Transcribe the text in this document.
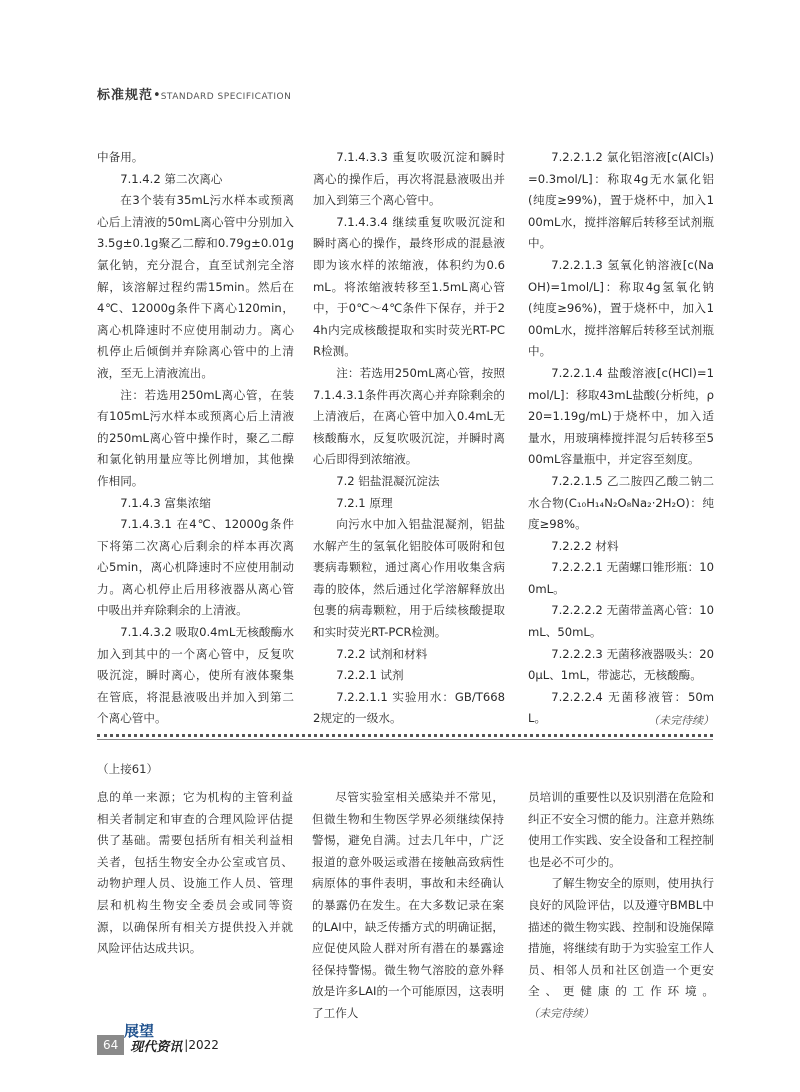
标准规范•STANDARD SPECIFICATION

中备用。

7.1.4.2 第二次离心

在3个装有35mL污水样本或预离心后上清液的50mL离心管中分别加入3.5g±0.1g聚乙二醇和0.79g±0.01g氯化钠，充分混合，直至试剂完全溶解，该溶解过程约需15min。然后在4℃、12000g条件下离心120min，离心机降速时不应使用制动力。离心机停止后倾倒并弃除离心管中的上清液，至无上清液流出。

注：若选用250mL离心管，在装有105mL污水样本或预离心后上清液的250mL离心管中操作时，聚乙二醇和氯化钠用量应等比例增加，其他操作相同。

7.1.4.3 富集浓缩

7.1.4.3.1 在4℃、12000g条件下将第二次离心后剩余的样本再次离心5min，离心机降速时不应使用制动力。离心机停止后用移液器从离心管中吸出并弃除剩余的上清液。

7.1.4.3.2 吸取0.4mL无核酸酶水加入到其中的一个离心管中，反复吹吸沉淀，瞬时离心，使所有液体聚集在管底，将混悬液吸出并加入到第二个离心管中。

7.1.4.3.3 重复吹吸沉淀和瞬时离心的操作后，再次将混悬液吸出并加入到第三个离心管中。

7.1.4.3.4 继续重复吹吸沉淀和瞬时离心的操作，最终形成的混悬液即为该水样的浓缩液，体积约为0.6mL。将浓缩液转移至1.5mL离心管中，于0℃～4℃条件下保存，并于24h内完成核酸提取和实时荧光RT-PCR检测。

注：若选用250mL离心管，按照7.1.4.3.1条件再次离心并弃除剩余的上清液后，在离心管中加入0.4mL无核酸酶水，反复吹吸沉淀，并瞬时离心后即得到浓缩液。

7.2 铝盐混凝沉淀法

7.2.1 原理

向污水中加入铝盐混凝剂，铝盐水解产生的氢氧化铝胶体可吸附和包裹病毒颗粒，通过离心作用收集含病毒的胶体，然后通过化学溶解释放出包裹的病毒颗粒，用于后续核酸提取和实时荧光RT-PCR检测。

7.2.2 试剂和材料

7.2.2.1 试剂

7.2.2.1.1 实验用水：GB/T6682规定的一级水。

7.2.2.1.2 氯化铝溶液[c(AlCl₃)=0.3mol/L]：称取4g无水氯化铝(纯度≥99%)，置于烧杯中，加入100mL水，搅拌溶解后转移至试剂瓶中。

7.2.2.1.3 氢氧化钠溶液[c(NaOH)=1mol/L]：称取4g氢氧化钠(纯度≥96%)，置于烧杯中，加入100mL水，搅拌溶解后转移至试剂瓶中。

7.2.2.1.4 盐酸溶液[c(HCl)=1mol/L]：移取43mL盐酸(分析纯，ρ20=1.19g/mL)于烧杯中，加入适量水，用玻璃棒搅拌混匀后转移至500mL容量瓶中，并定容至刻度。

7.2.2.1.5 乙二胺四乙酸二钠二水合物(C₁₀H₁₄N₂O₈Na₂·2H₂O)：纯度≥98%。

7.2.2.2 材料

7.2.2.2.1 无菌螺口锥形瓶：100mL。

7.2.2.2.2 无菌带盖离心管：10mL、50mL。

7.2.2.2.3 无菌移液器吸头：200μL、1mL，带滤芯，无核酸酶。

7.2.2.2.4 无菌移液管：50mL。	（未完待续）
（上接61）

息的单一来源；它为机构的主管利益相关者制定和审查的合理风险评估提供了基础。需要包括所有相关利益相关者，包括生物安全办公室或官员、动物护理人员、设施工作人员、管理层和机构生物安全委员会或同等资源，以确保所有相关方提供投入并就风险评估达成共识。

展望

尽管实验室相关感染并不常见，但微生物和生物医学界必须继续保持警惕，避免自满。过去几年中，广泛报道的意外吸运或潜在接触高致病性病原体的事件表明，事故和未经确认的暴露仍在发生。在大多数记录在案的LAI中，缺乏传播方式的明确证据，应促使风险人群对所有潜在的暴露途径保持警惕。微生物气溶胶的意外释放是许多LAI的一个可能原因，这表明了工作人

员培训的重要性以及识别潜在危险和纠正不安全习惯的能力。注意并熟练使用工作实践、安全设备和工程控制也是必不可少的。

了解生物安全的原则，使用执行良好的风险评估，以及遵守BMBL中描述的微生物实践、控制和设施保障措施，将继续有助于为实验室工作人员、相邻人员和社区创造一个更安全、更健康的工作环境。（未完待续）

64 现代资讯 |2022
